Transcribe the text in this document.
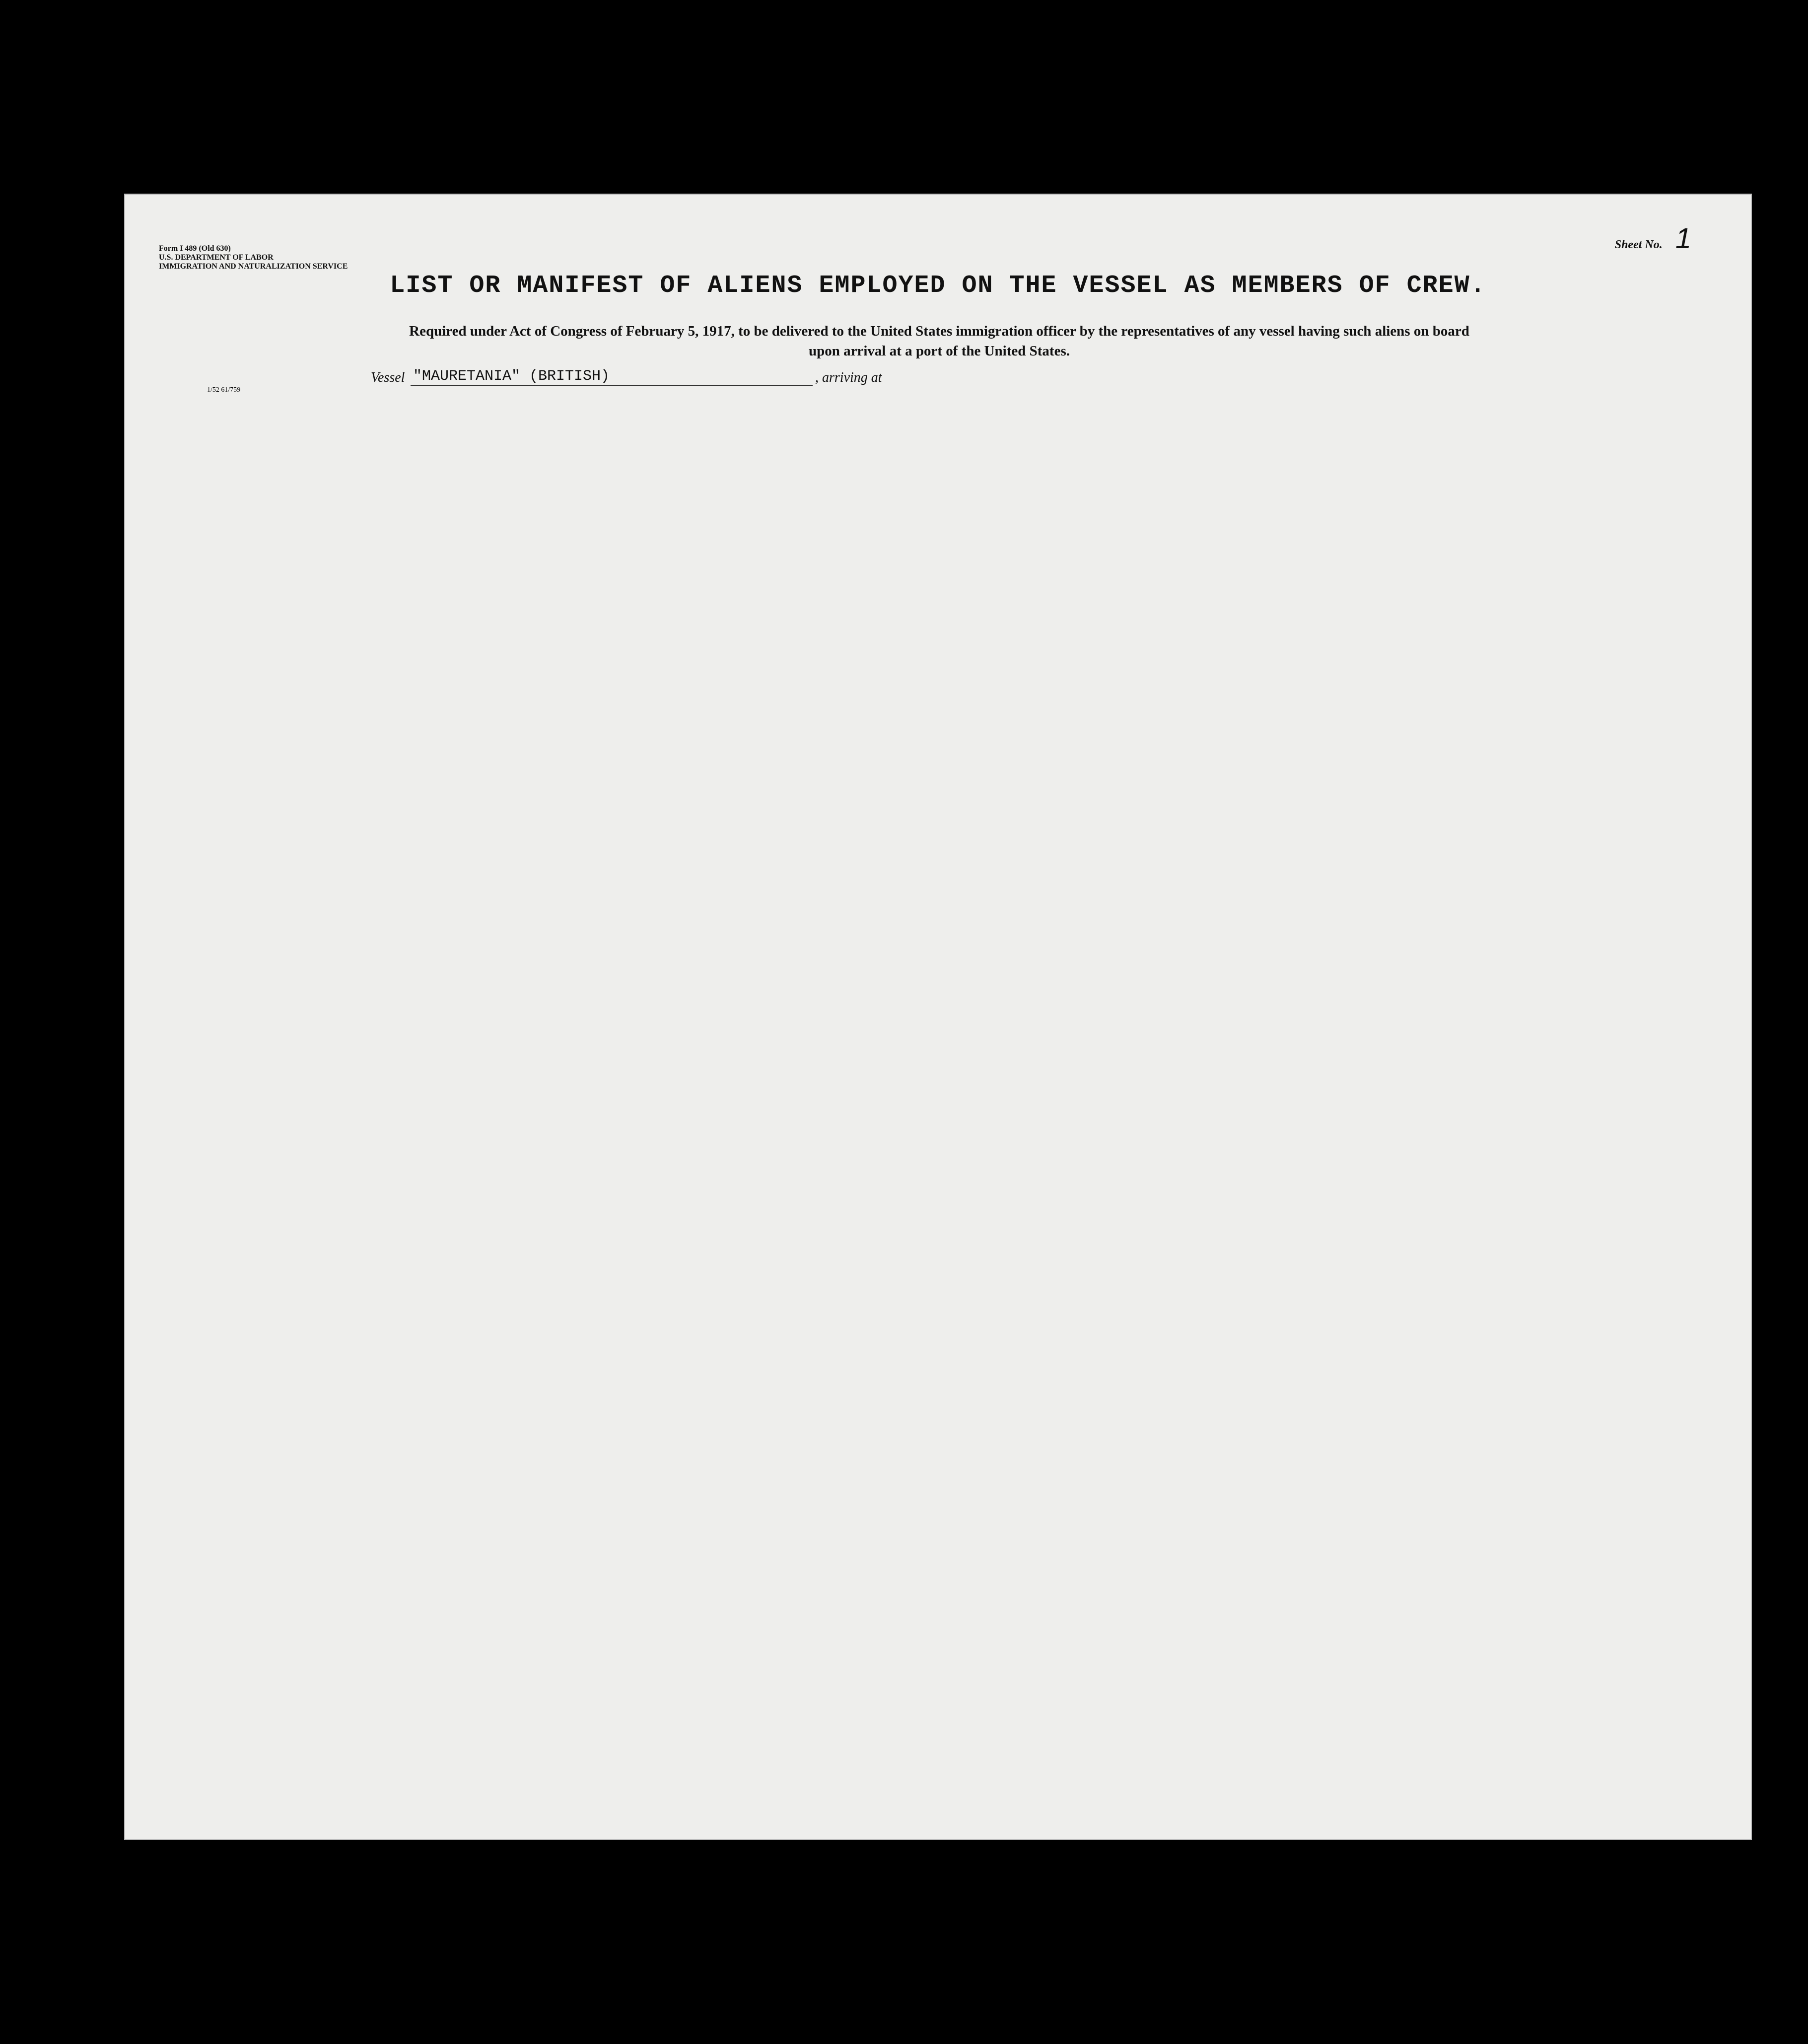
Form I 489 (Old 630)
U.S. DEPARTMENT OF LABOR
IMMIGRATION AND NATURALIZATION SERVICE
1/52 61/759
Sheet No. 1
LIST OR MANIFEST OF ALIENS EMPLOYED ON THE VESSEL AS MEMBERS OF CREW.
Required under Act of Congress of February 5, 1917, to be delivered to the United States immigration officer by the representatives of any vessel having such aliens on board
upon arrival at a port of the United States.
Vessel "MAURETANIA" (BRITISH)	, arriving at
